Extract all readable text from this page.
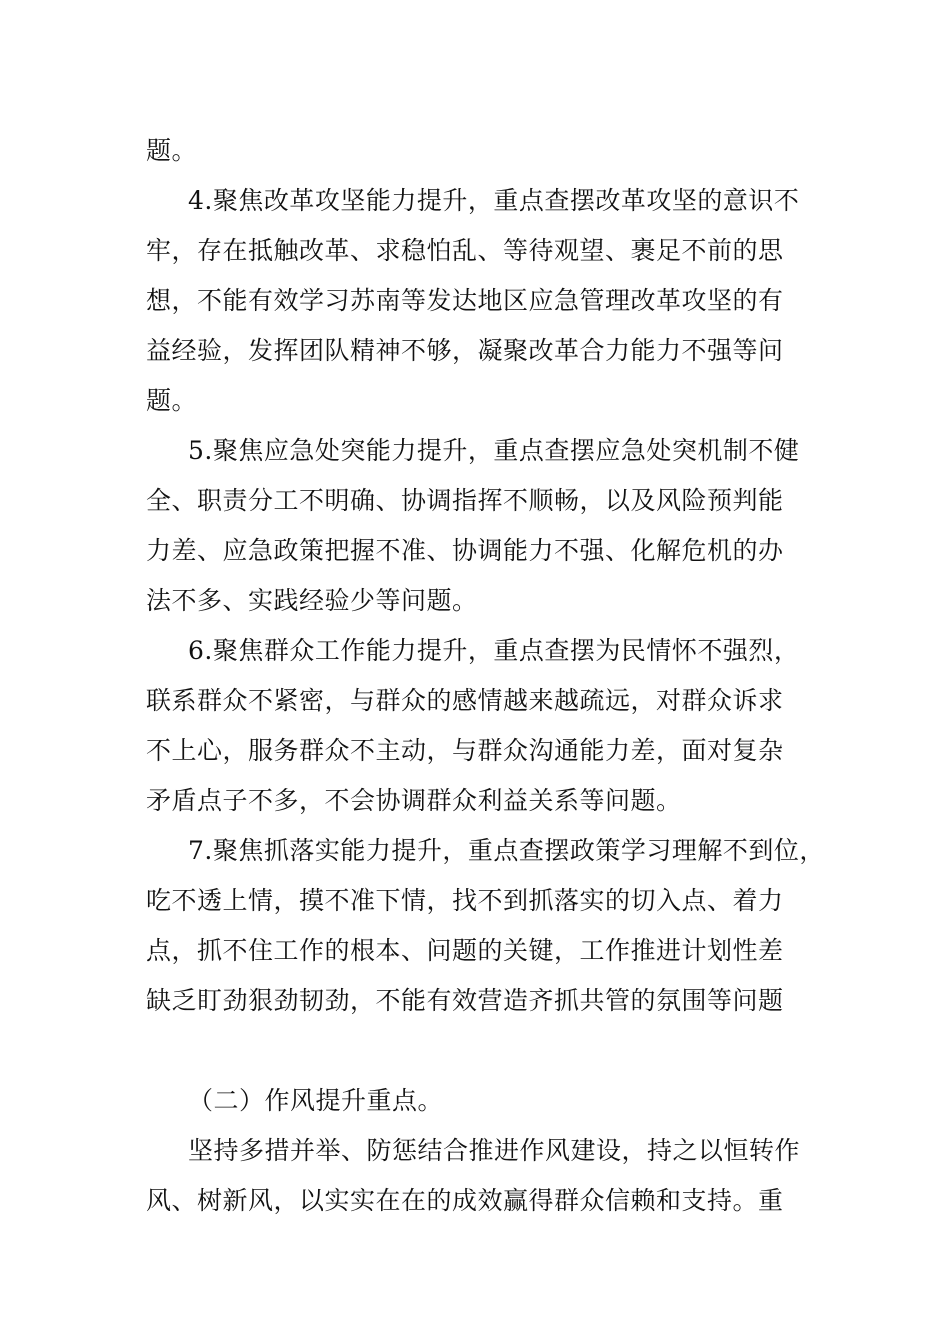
题。
4.聚焦改革攻坚能力提升，重点查摆改革攻坚的意识不
牢，存在抵触改革、求稳怕乱、等待观望、裹足不前的思
想，不能有效学习苏南等发达地区应急管理改革攻坚的有
益经验，发挥团队精神不够，凝聚改革合力能力不强等问
题。
5.聚焦应急处突能力提升，重点查摆应急处突机制不健
全、职责分工不明确、协调指挥不顺畅，以及风险预判能
力差、应急政策把握不准、协调能力不强、化解危机的办
法不多、实践经验少等问题。
6.聚焦群众工作能力提升，重点查摆为民情怀不强烈，
联系群众不紧密，与群众的感情越来越疏远，对群众诉求
不上心，服务群众不主动，与群众沟通能力差，面对复杂
矛盾点子不多，不会协调群众利益关系等问题。
7.聚焦抓落实能力提升，重点查摆政策学习理解不到位，
吃不透上情，摸不准下情，找不到抓落实的切入点、着力
点，抓不住工作的根本、问题的关键，工作推进计划性差
缺乏盯劲狠劲韧劲，不能有效营造齐抓共管的氛围等问题
（二）作风提升重点。
坚持多措并举、防惩结合推进作风建设，持之以恒转作
风、树新风，以实实在在的成效赢得群众信赖和支持。重
